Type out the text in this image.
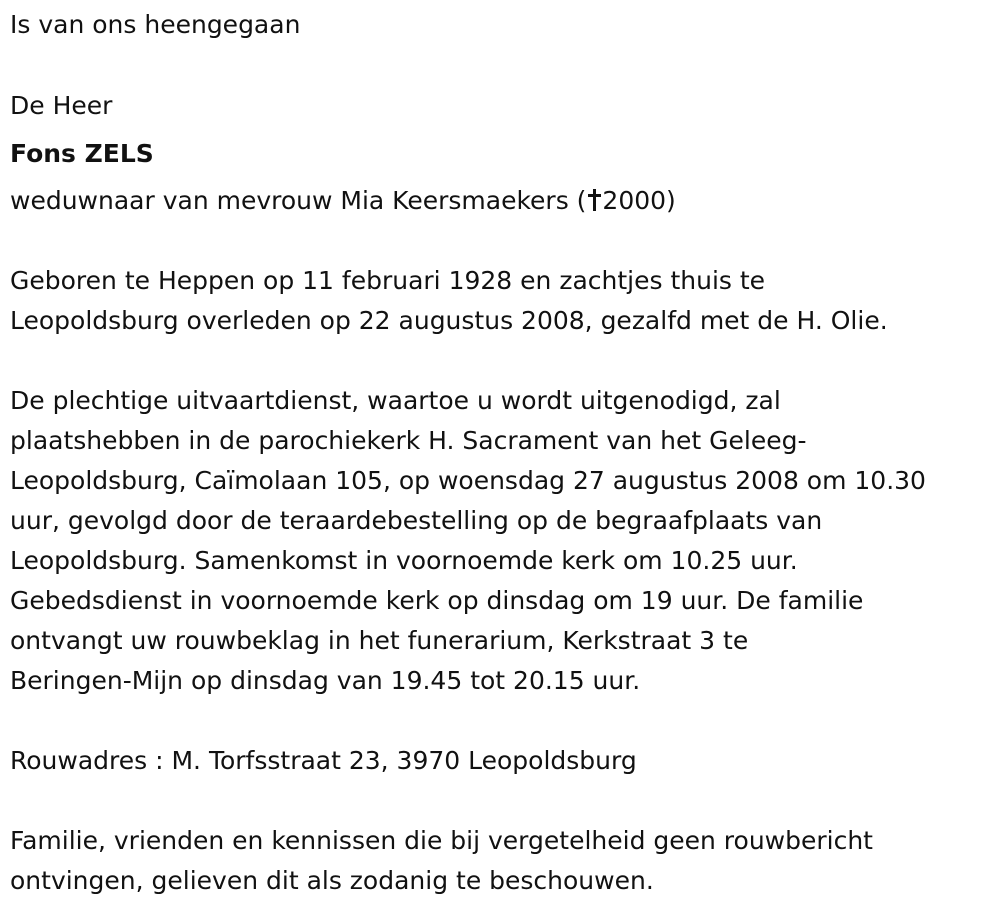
Is van ons heengegaan
De Heer
Fons ZELS
weduwnaar van mevrouw Mia Keersmaekers ( 2000)
Geboren te Heppen op 11 februari 1928 en zachtjes thuis te
Leopoldsburg overleden op 22 augustus 2008, gezalfd met de H. Olie.
De plechtige uitvaartdienst, waartoe u wordt uitgenodigd, zal
plaatshebben in de parochiekerk H. Sacrament van het Geleeg-
Leopoldsburg, Caïmolaan 105, op woensdag 27 augustus 2008 om 10.30
uur, gevolgd door de teraardebestelling op de begraafplaats van
Leopoldsburg. Samenkomst in voornoemde kerk om 10.25 uur.
Gebedsdienst in voornoemde kerk op dinsdag om 19 uur. De familie
ontvangt uw rouwbeklag in het funerarium, Kerkstraat 3 te
Beringen-Mijn op dinsdag van 19.45 tot 20.15 uur.
Rouwadres : M. Torfsstraat 23, 3970 Leopoldsburg
Familie, vrienden en kennissen die bij vergetelheid geen rouwbericht
ontvingen, gelieven dit als zodanig te beschouwen.
